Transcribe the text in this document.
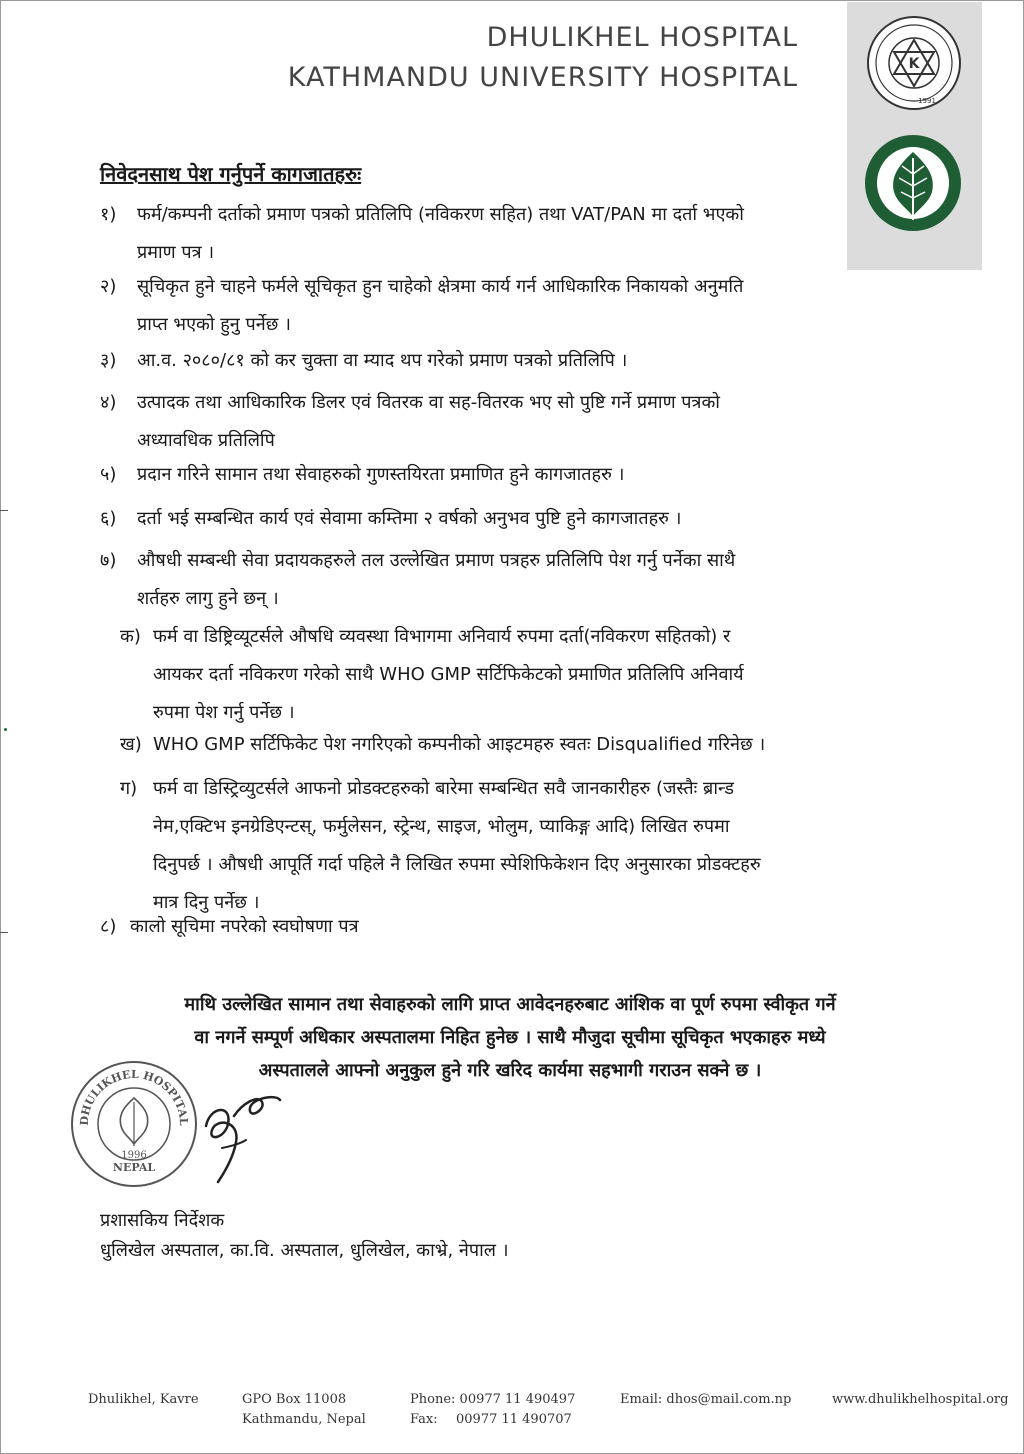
DHULIKHEL HOSPITAL
KATHMANDU UNIVERSITY HOSPITAL	K
1991
निवेदनसाथ पेश गर्नुपर्ने कागजातहरुः
१) फर्म/कम्पनी दर्ताको प्रमाण पत्रको प्रतिलिपि (नविकरण सहित) तथा VAT/PAN मा दर्ता भएको
प्रमाण पत्र ।
२) सूचिकृत हुने चाहने फर्मले सूचिकृत हुन चाहेको क्षेत्रमा कार्य गर्न आधिकारिक निकायको अनुमति
प्राप्त भएको हुनु पर्नेछ ।
३) आ.व. २०८०/८१ को कर चुक्ता वा म्याद थप गरेको प्रमाण पत्रको प्रतिलिपि ।
४) उत्पादक तथा आधिकारिक डिलर एवं वितरक वा सह-वितरक भए सो पुष्टि गर्ने प्रमाण पत्रको
अध्यावधिक प्रतिलिपि
५) प्रदान गरिने सामान तथा सेवाहरुको गुणस्तयिरता प्रमाणित हुने कागजातहरु ।
६) दर्ता भई सम्बन्धित कार्य एवं सेवामा कम्तिमा २ वर्षको अनुभव पुष्टि हुने कागजातहरु ।
७) औषधी सम्बन्धी सेवा प्रदायकहरुले तल उल्लेखित प्रमाण पत्रहरु प्रतिलिपि पेश गर्नु पर्नेका साथै
शर्तहरु लागु हुने छन् ।
क) फर्म वा डिष्ट्रिव्यूटर्सले औषधि व्यवस्था विभागमा अनिवार्य रुपमा दर्ता(नविकरण सहितको) र
आयकर दर्ता नविकरण गरेको साथै WHO GMP सर्टिफिकेटको प्रमाणित प्रतिलिपि अनिवार्य
रुपमा पेश गर्नु पर्नेछ ।
ख) WHO GMP सर्टिफिकेट पेश नगरिएको कम्पनीको आइटमहरु स्वतः Disqualified गरिनेछ ।
ग) फर्म वा डिस्ट्रिव्युटर्सले आफनो प्रोडक्टहरुको बारेमा सम्बन्धित सवै जानकारीहरु (जस्तैः ब्रान्ड
नेम,एक्टिभ इनग्रेडिएन्टस्, फर्मुलेसन, स्ट्रेन्थ, साइज, भोलुम, प्याकिङ्ग आदि) लिखित रुपमा
दिनुपर्छ । औषधी आपूर्ति गर्दा पहिले नै लिखित रुपमा स्पेशिफिकेशन दिए अनुसारका प्रोडक्टहरु
मात्र दिनु पर्नेछ ।
८) कालो सूचिमा नपरेको स्वघोषणा पत्र
माथि उल्लेखित सामान तथा सेवाहरुको लागि प्राप्त आवेदनहरुबाट आंशिक वा पूर्ण रुपमा स्वीकृत गर्ने
वा नगर्ने सम्पूर्ण अधिकार अस्पतालमा निहित हुनेछ । साथै मौजुदा सूचीमा सूचिकृत भएकाहरु मध्ये
अस्पतालले आफ्नो अनुकुल हुने गरि खरिद कार्यमा सहभागी गराउन सक्ने छ ।
DHULIKHEL HOSPITAL
1996
NEPAL
प्रशासकिय निर्देशक
धुलिखेल अस्पताल, का.वि. अस्पताल, धुलिखेल, काभ्रे, नेपाल ।
Dhulikhel, Kavre	GPO Box 11008
Kathmandu, Nepal
Phone: 00977 11 490497
Fax: 00977 11 490707
Email: dhos@mail.com.np	www.dhulikhelhospital.org
